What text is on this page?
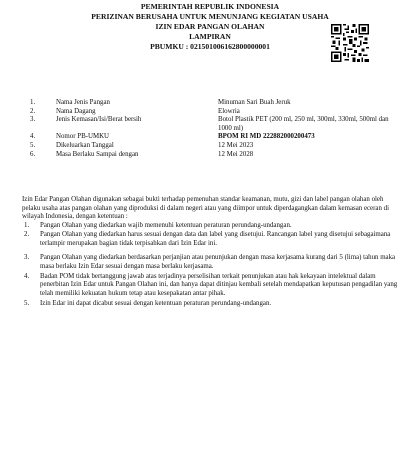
PEMERINTAH REPUBLIK INDONESIA
PERIZINAN BERUSAHA UNTUK MENUNJANG KEGIATAN USAHA
IZIN EDAR PANGAN OLAHAN
LAMPIRAN
PBUMKU : 021501006162800000001
1.	Nama Jenis Pangan	Minuman Sari Buah Jeruk
2.	Nama Dagang	Elowria
3.	Jenis Kemasan/Isi/Berat bersih	Botol Plastik PET (200 ml, 250 ml, 300ml, 330ml, 500ml dan 1000 ml)
4.	Nomor PB-UMKU	BPOM RI MD 222882000200473
5.	Dikeluarkan Tanggal	12 Mei 2023
6.	Masa Berlaku Sampai dengan	12 Mei 2028

Izin Edar Pangan Olahan digunakan sebagai bukti terhadap pemenuhan standar keamanan, mutu, gizi dan label pangan olahan oleh pelaku usaha atas pangan olahan yang diproduksi di dalam negeri atau yang diimpor untuk diperdagangkan dalam kemasan eceran di wilayah Indonesia, dengan ketentuan :

1.	Pangan Olahan yang diedarkan wajib memenuhi ketentuan peraturan perundang-undangan.
2.	Pangan Olahan yang diedarkan harus sesuai dengan data dan label yang disetujui. Rancangan label yang disetujui sebagaimana terlampir merupakan bagian tidak terpisahkan dari Izin Edar ini.
3.	Pangan Olahan yang diedarkan berdasarkan perjanjian atau penunjukan dengan masa kerjasama kurang dari 5 (lima) tahun maka masa berlaku Izin Edar sesuai dengan masa berlaku kerjasama.
4.	Badan POM tidak bertanggung jawab atas terjadinya perselisihan terkait penunjukan atau hak kekayaan intelektual dalam penerbitan Izin Edar untuk Pangan Olahan ini, dan hanya dapat ditinjau kembali setelah mendapatkan keputusan pengadilan yang telah memiliki kekuatan hukum tetap atau kesepakatan antar pihak.
5.	Izin Edar ini dapat dicabut sesuai dengan ketentuan peraturan perundang-undangan.
